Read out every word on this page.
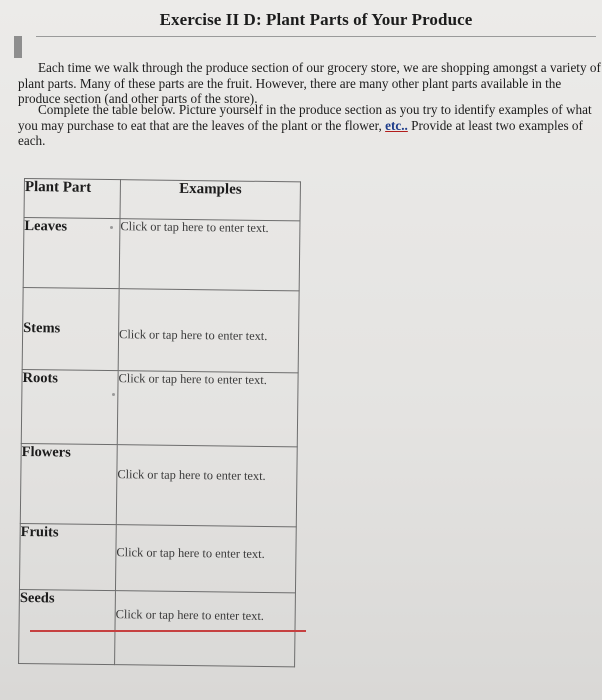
Exercise II D: Plant Parts of Your Produce

Each time we walk through the produce section of our grocery store, we are shopping amongst a variety of plant parts. Many of these parts are the fruit. However, there are many other plant parts available in the produce section (and other parts of the store).

Complete the table below. Picture yourself in the produce section as you try to identify examples of what you may purchase to eat that are the leaves of the plant or the flower, etc.. Provide at least two examples of each.

Plant Part	Examples
Leaves	Click or tap here to enter text.
Stems	Click or tap here to enter text.
Roots	Click or tap here to enter text.
Flowers	Click or tap here to enter text.
Fruits	Click or tap here to enter text.
Seeds	Click or tap here to enter text.
